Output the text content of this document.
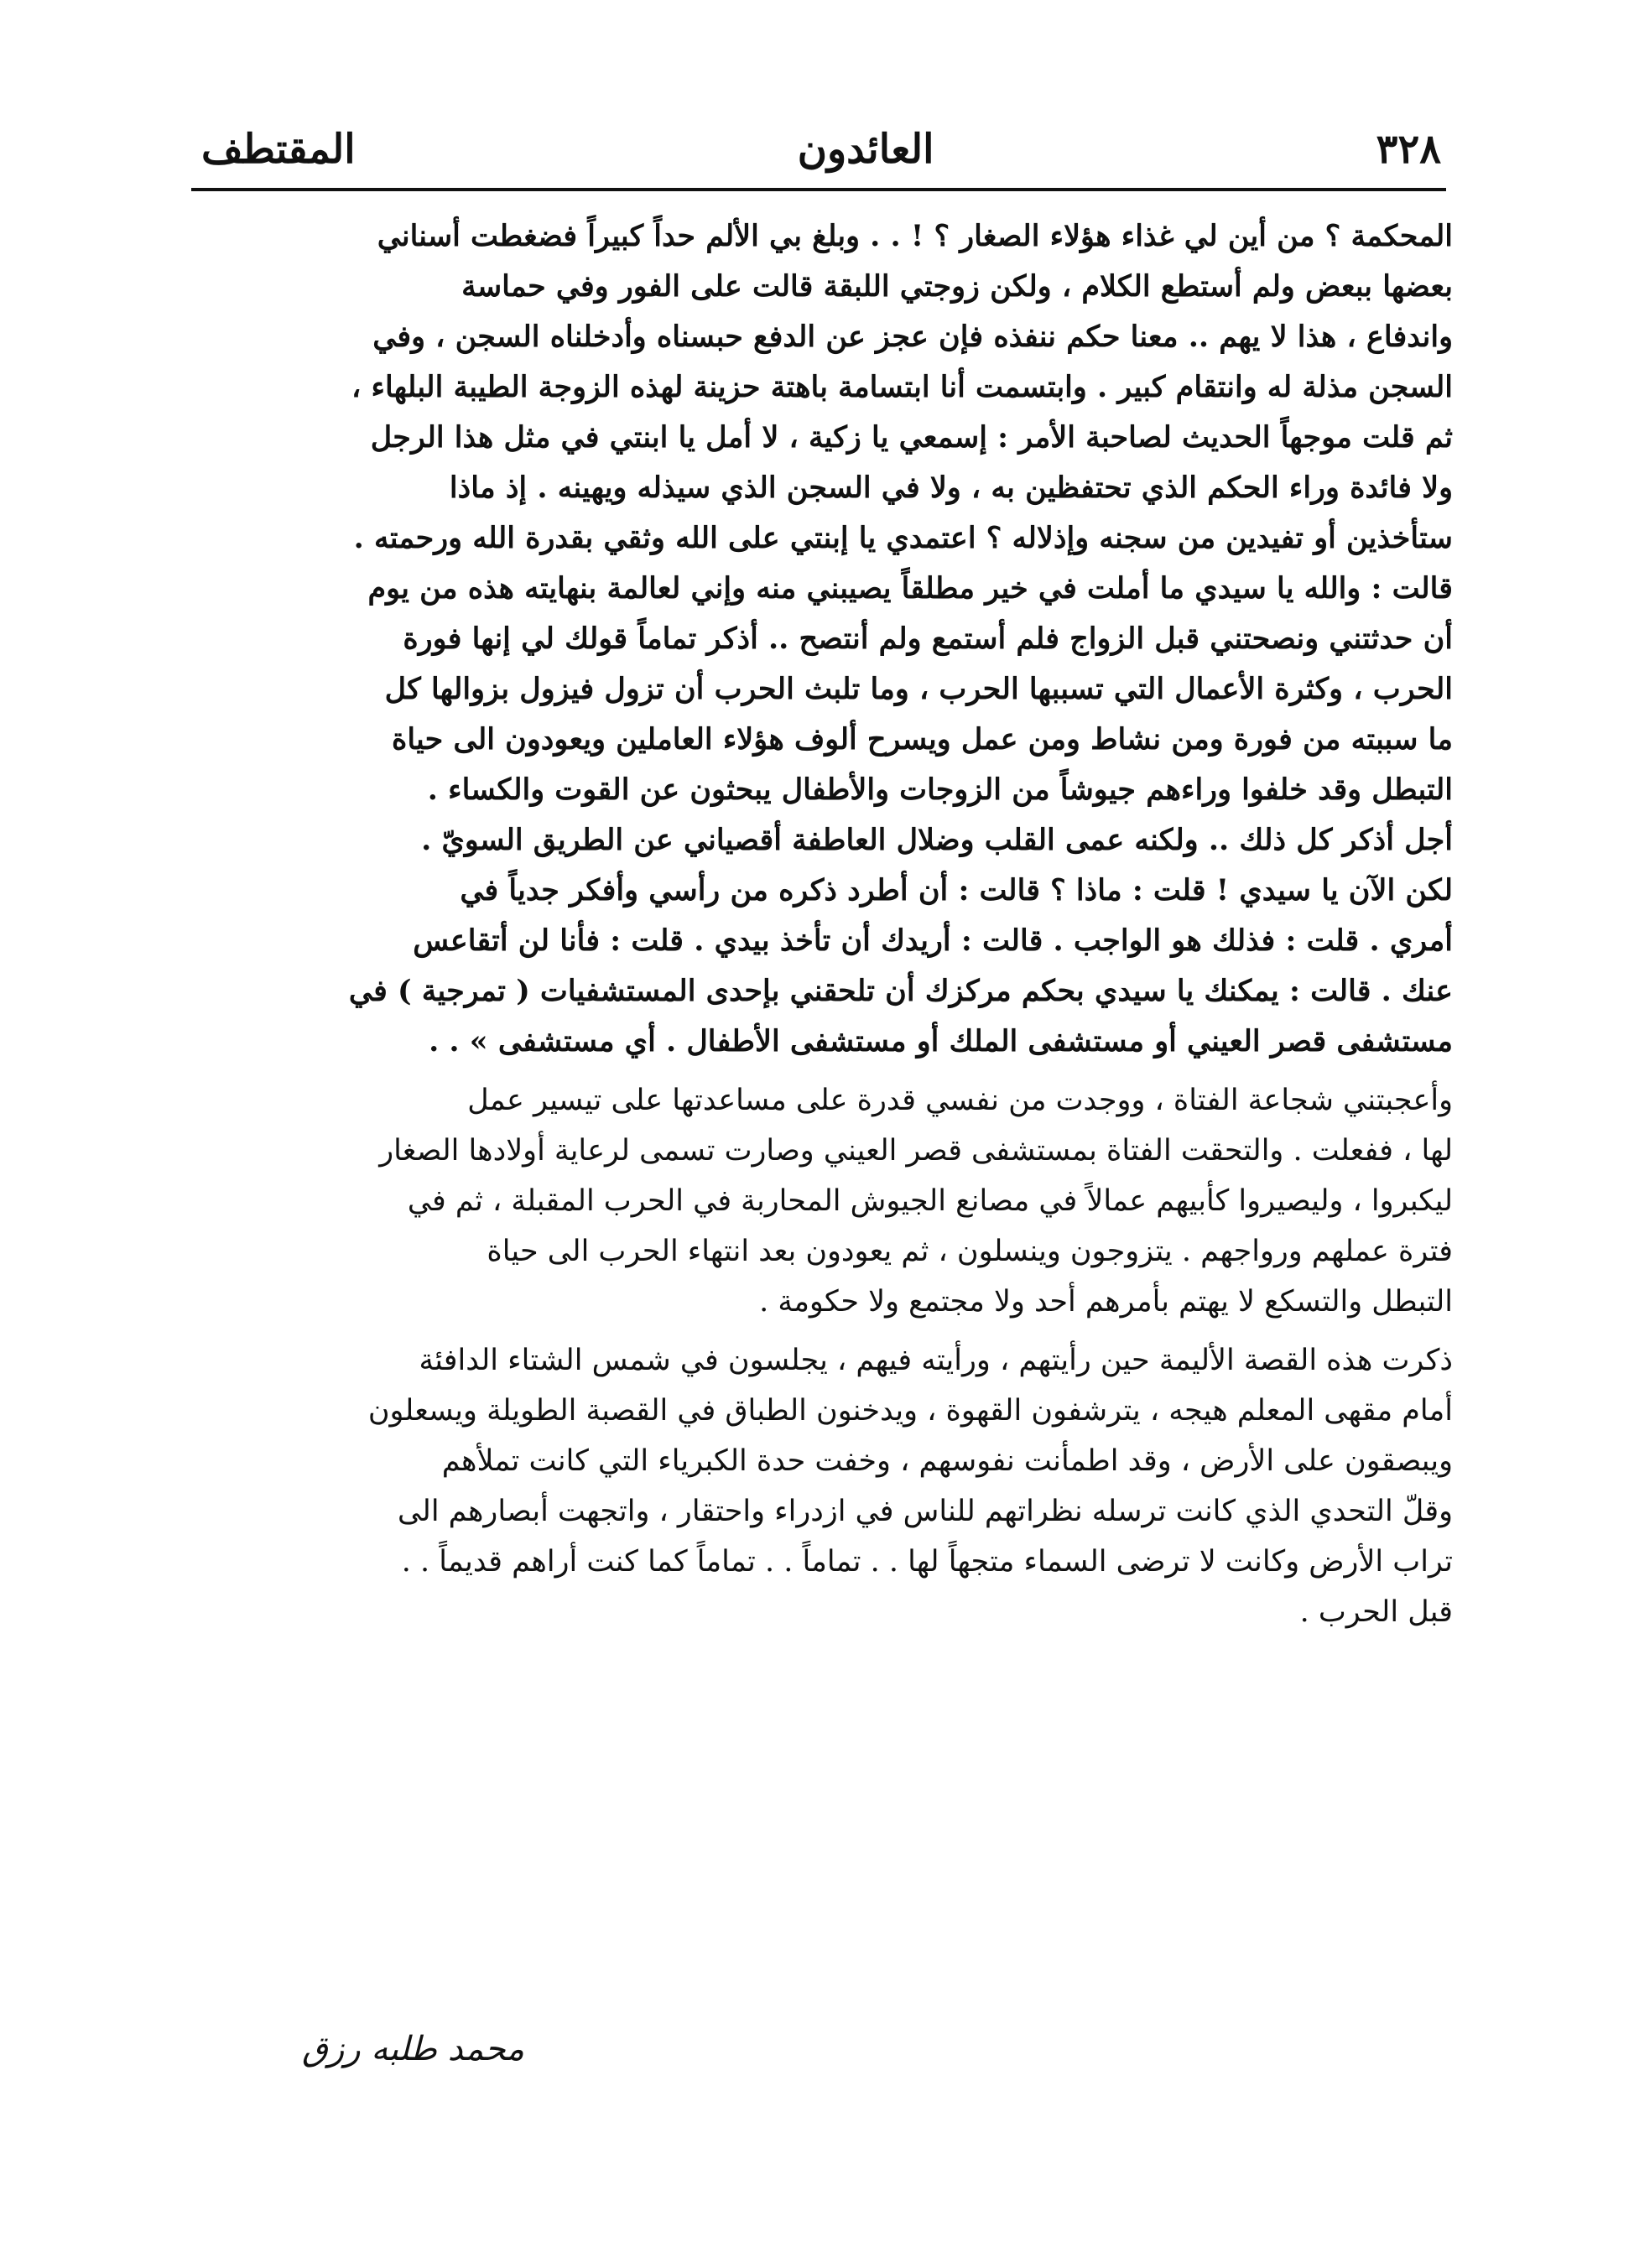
٣٢٨
العائدون
المقتطف

المحكمة ؟ من أين لي غذاء هؤلاء الصغار ؟ ! . . وبلغ بي الألم حداً كبيراً فضغطت أسناني
بعضها ببعض ولم أستطع الكلام ، ولكن زوجتي اللبقة قالت على الفور وفي حماسة
واندفاع ، هذا لا يهم .. معنا حكم ننفذه فإن عجز عن الدفع حبسناه وأدخلناه السجن ، وفي
السجن مذلة له وانتقام كبير . وابتسمت أنا ابتسامة باهتة حزينة لهذه الزوجة الطيبة البلهاء ،
ثم قلت موجهاً الحديث لصاحبة الأمر : إسمعي يا زكية ، لا أمل يا ابنتي في مثل هذا الرجل
ولا فائدة وراء الحكم الذي تحتفظين به ، ولا في السجن الذي سيذله ويهينه . إذ ماذا
ستأخذين أو تفيدين من سجنه وإذلاله ؟ اعتمدي يا إبنتي على الله وثقي بقدرة الله ورحمته .
قالت : والله يا سيدي ما أملت في خير مطلقاً يصيبني منه وإني لعالمة بنهايته هذه من يوم
أن حدثتني ونصحتني قبل الزواج فلم أستمع ولم أنتصح .. أذكر تماماً قولك لي إنها فورة
الحرب ، وكثرة الأعمال التي تسببها الحرب ، وما تلبث الحرب أن تزول فيزول بزوالها كل
ما سببته من فورة ومن نشاط ومن عمل ويسرح ألوف هؤلاء العاملين ويعودون الى حياة
التبطل وقد خلفوا وراءهم جيوشاً من الزوجات والأطفال يبحثون عن القوت والكساء .
أجل أذكر كل ذلك .. ولكنه عمى القلب وضلال العاطفة أقصياني عن الطريق السويّ .
لكن الآن يا سيدي ! قلت : ماذا ؟ قالت : أن أطرد ذكره من رأسي وأفكر جدياً في
أمري . قلت : فذلك هو الواجب . قالت : أريدك أن تأخذ بيدي . قلت : فأنا لن أتقاعس
عنك . قالت : يمكنك يا سيدي بحكم مركزك أن تلحقني بإحدى المستشفيات ( تمرجية ) في
مستشفى قصر العيني أو مستشفى الملك أو مستشفى الأطفال . أي مستشفى » . .

وأعجبتني شجاعة الفتاة ، ووجدت من نفسي قدرة على مساعدتها على تيسير عمل
لها ، ففعلت . والتحقت الفتاة بمستشفى قصر العيني وصارت تسمى لرعاية أولادها الصغار
ليكبروا ، وليصيروا كأبيهم عمالاً في مصانع الجيوش المحاربة في الحرب المقبلة ، ثم في
فترة عملهم ورواجهم . يتزوجون وينسلون ، ثم يعودون بعد انتهاء الحرب الى حياة
التبطل والتسكع لا يهتم بأمرهم أحد ولا مجتمع ولا حكومة .

ذكرت هذه القصة الأليمة حين رأيتهم ، ورأيته فيهم ، يجلسون في شمس الشتاء الدافئة
أمام مقهى المعلم هيجه ، يترشفون القهوة ، ويدخنون الطباق في القصبة الطويلة ويسعلون
ويبصقون على الأرض ، وقد اطمأنت نفوسهم ، وخفت حدة الكبرياء التي كانت تملأهم
وقلّ التحدي الذي كانت ترسله نظراتهم للناس في ازدراء واحتقار ، واتجهت أبصارهم الى
تراب الأرض وكانت لا ترضى السماء متجهاً لها . . تماماً . . تماماً كما كنت أراهم قديماً . .
قبل الحرب .

محمد طلبه رزق
